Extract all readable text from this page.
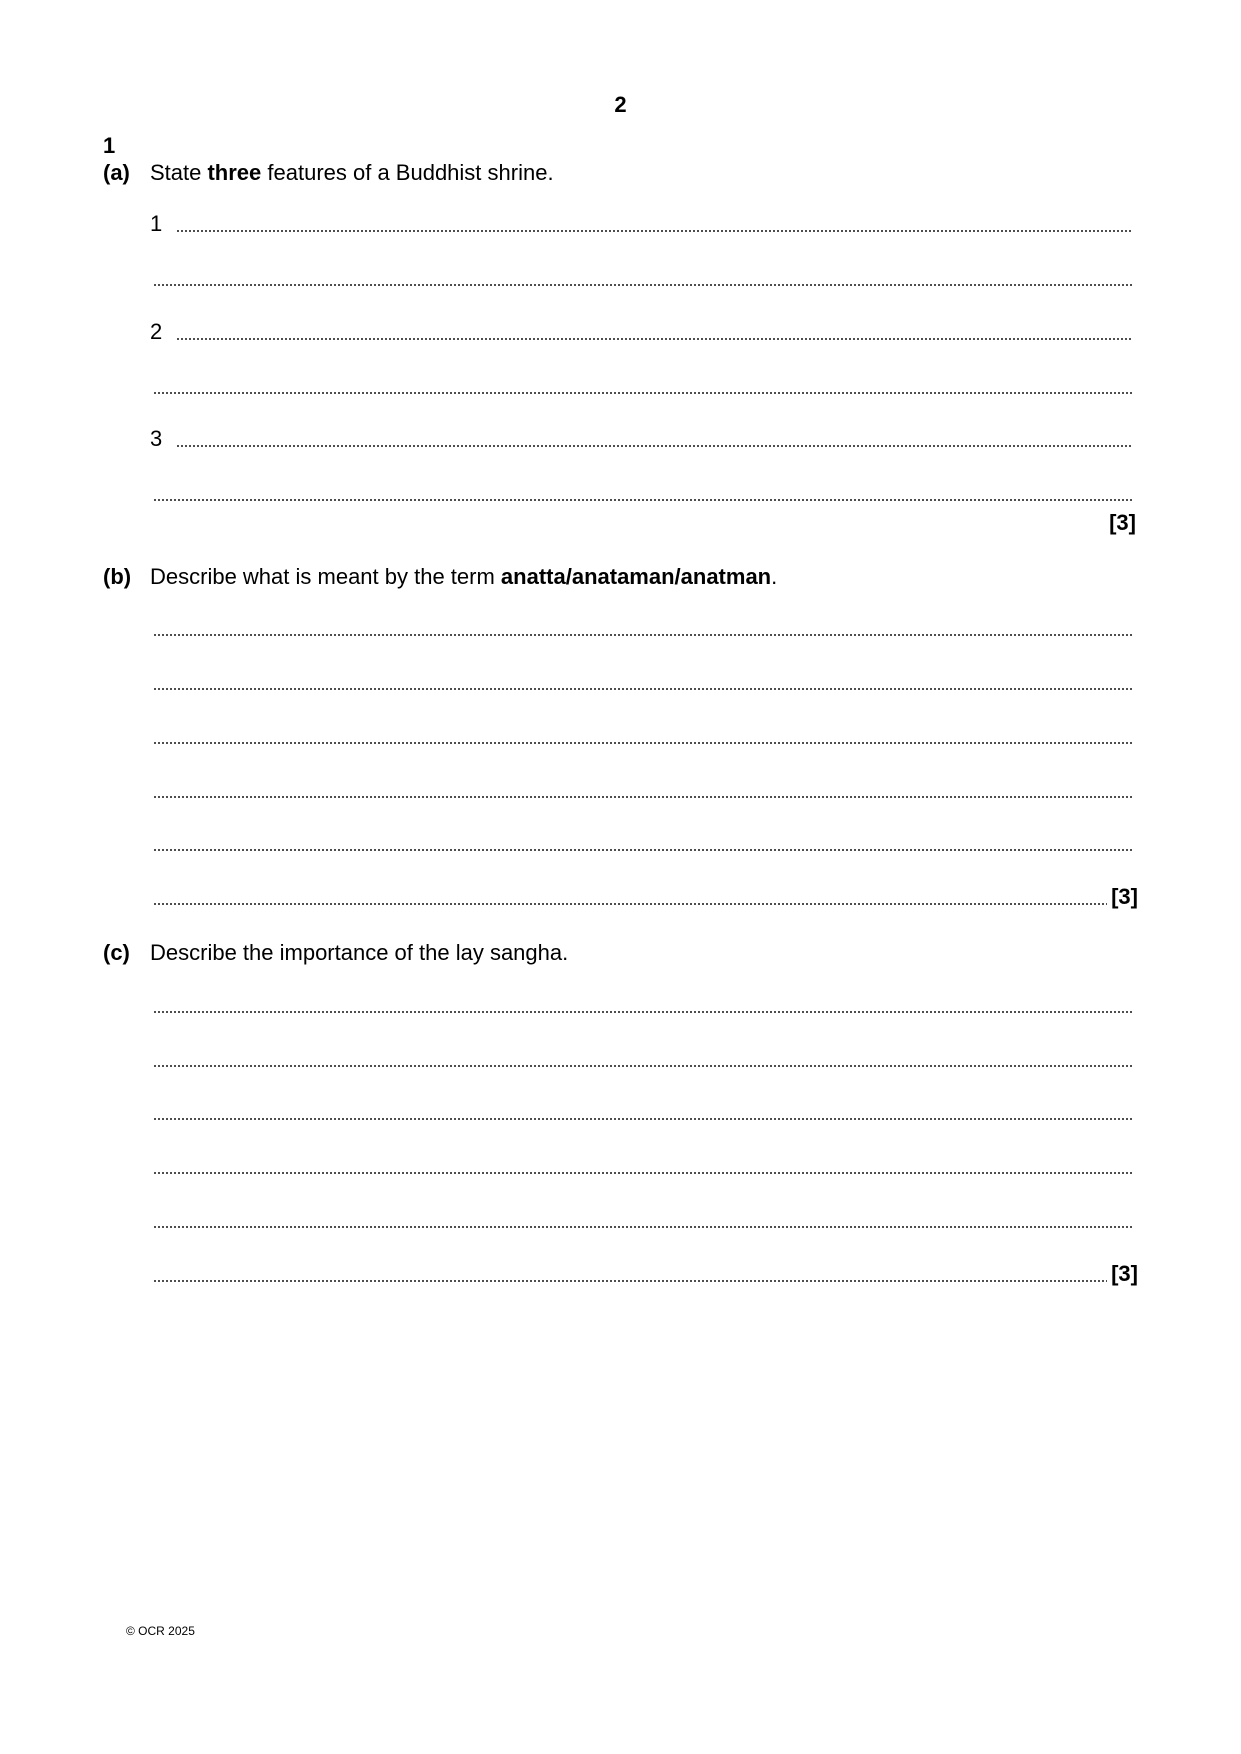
2
1
(a) State three features of a Buddhist shrine.
1
2
3
[3]
(b) Describe what is meant by the term anatta/anataman/anatman.
[3]
(c) Describe the importance of the lay sangha.
[3]
© OCR 2025
